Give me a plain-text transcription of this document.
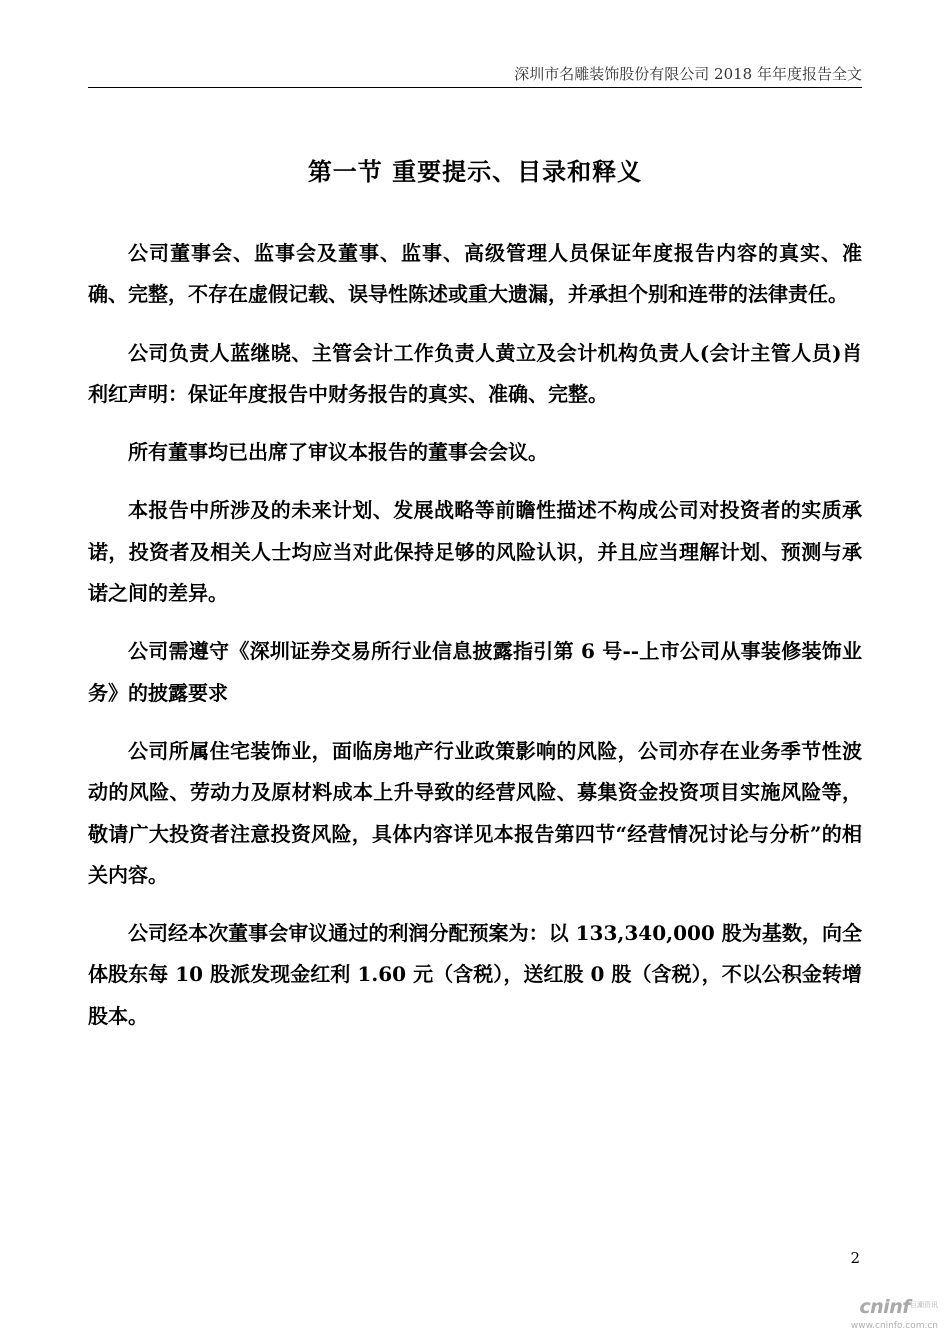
深圳市名雕装饰股份有限公司 2018 年年度报告全文
第一节 重要提示、目录和释义

公司董事会、监事会及董事、监事、高级管理人员保证年度报告内容的真实、准确、完整，不存在虚假记载、误导性陈述或重大遗漏，并承担个别和连带的法律责任。

公司负责人蓝继晓、主管会计工作负责人黄立及会计机构负责人(会计主管人员)肖利红声明：保证年度报告中财务报告的真实、准确、完整。

所有董事均已出席了审议本报告的董事会会议。

本报告中所涉及的未来计划、发展战略等前瞻性描述不构成公司对投资者的实质承诺，投资者及相关人士均应当对此保持足够的风险认识，并且应当理解计划、预测与承诺之间的差异。

公司需遵守《深圳证券交易所行业信息披露指引第 6 号--上市公司从事装修装饰业务》的披露要求

公司所属住宅装饰业，面临房地产行业政策影响的风险，公司亦存在业务季节性波动的风险、劳动力及原材料成本上升导致的经营风险、募集资金投资项目实施风险等，敬请广大投资者注意投资风险，具体内容详见本报告第四节“经营情况讨论与分析”的相关内容。

公司经本次董事会审议通过的利润分配预案为：以 133,340,000 股为基数，向全体股东每 10 股派发现金红利 1.60 元（含税），送红股 0 股（含税），不以公积金转增股本。

2
cninf巨潮资讯
www.cninfo.com.cn
